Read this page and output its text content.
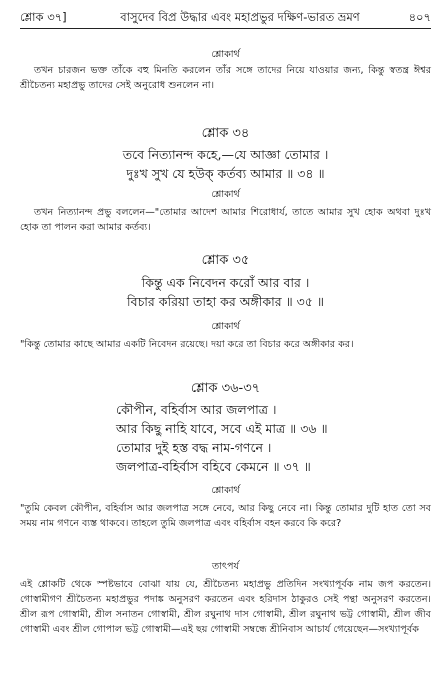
শ্লোক ৩৭]	বাসুদেব বিপ্র উদ্ধার এবং মহাপ্রভুর দক্ষিণ-ভারত ভ্রমণ	৪০৭
শ্লোকার্থ
তখন চারজন ভক্ত তাঁকে বহু মিনতি করলেন তাঁর সঙ্গে তাদের নিয়ে যাওয়ার জন্য, কিন্তু স্বতন্ত্র ঈশ্বর শ্রীচৈতন্য মহাপ্রভু তাদের সেই অনুরোধ শুনলেন না।
শ্লোক ৩৪
তবে নিত্যানন্দ কহে,—যে আজ্ঞা তোমার ।
দুঃখ সুখ যে হউক্ কর্তব্য আমার ॥ ৩৪ ॥
শ্লোকার্থ
তখন নিত্যানন্দ প্রভু বললেন—"তোমার আদেশ আমার শিরোধার্য, তাতে আমার সুখ হোক অথবা দুঃখ হোক তা পালন করা আমার কর্তব্য।
শ্লোক ৩৫
কিন্তু এক নিবেদন করোঁ আর বার ।
বিচার করিয়া তাহা কর অঙ্গীকার ॥ ৩৫ ॥
শ্লোকার্থ
"কিন্তু তোমার কাছে আমার একটি নিবেদন রয়েছে। দয়া করে তা বিচার করে অঙ্গীকার কর।
শ্লোক ৩৬-৩৭
কৌপীন, বহির্বাস আর জলপাত্র ।
আর কিছু নাহি যাবে, সবে এই মাত্র ॥ ৩৬ ॥
তোমার দুই হস্ত বদ্ধ নাম-গণনে ।
জলপাত্র-বহির্বাস বহিবে কেমনে ॥ ৩৭ ॥
শ্লোকার্থ
"তুমি কেবল কৌপীন, বহির্বাস আর জলপাত্র সঙ্গে নেবে, আর কিছু নেবে না। কিন্তু তোমার দুটি হাত তো সব সময় নাম গণনে ব্যস্ত থাকবে। তাহলে তুমি জলপাত্র এবং বহির্বাস বহন করবে কি করে?
তাৎপর্য
এই শ্লোকটি থেকে স্পষ্টভাবে বোঝা যায় যে, শ্রীচৈতন্য মহাপ্রভু প্রতিদিন সংখ্যাপূর্বক নাম জপ করতেন। গোস্বামীগণ শ্রীচৈতন্য মহাপ্রভুর পদাঙ্ক অনুসরণ করতেন এবং হরিদাস ঠাকুরও সেই পন্থা অনুসরণ করতেন। শ্রীল রূপ গোস্বামী, শ্রীল সনাতন গোস্বামী, শ্রীল রঘুনাথ দাস গোস্বামী, শ্রীল রঘুনাথ ভট্ট গোস্বামী, শ্রীল জীব গোস্বামী এবং শ্রীল গোপাল ভট্ট গোস্বামী—এই ছয় গোস্বামী সম্বন্ধে শ্রীনিবাস আচার্য গেয়েছেন—সংখ্যাপূর্বক
